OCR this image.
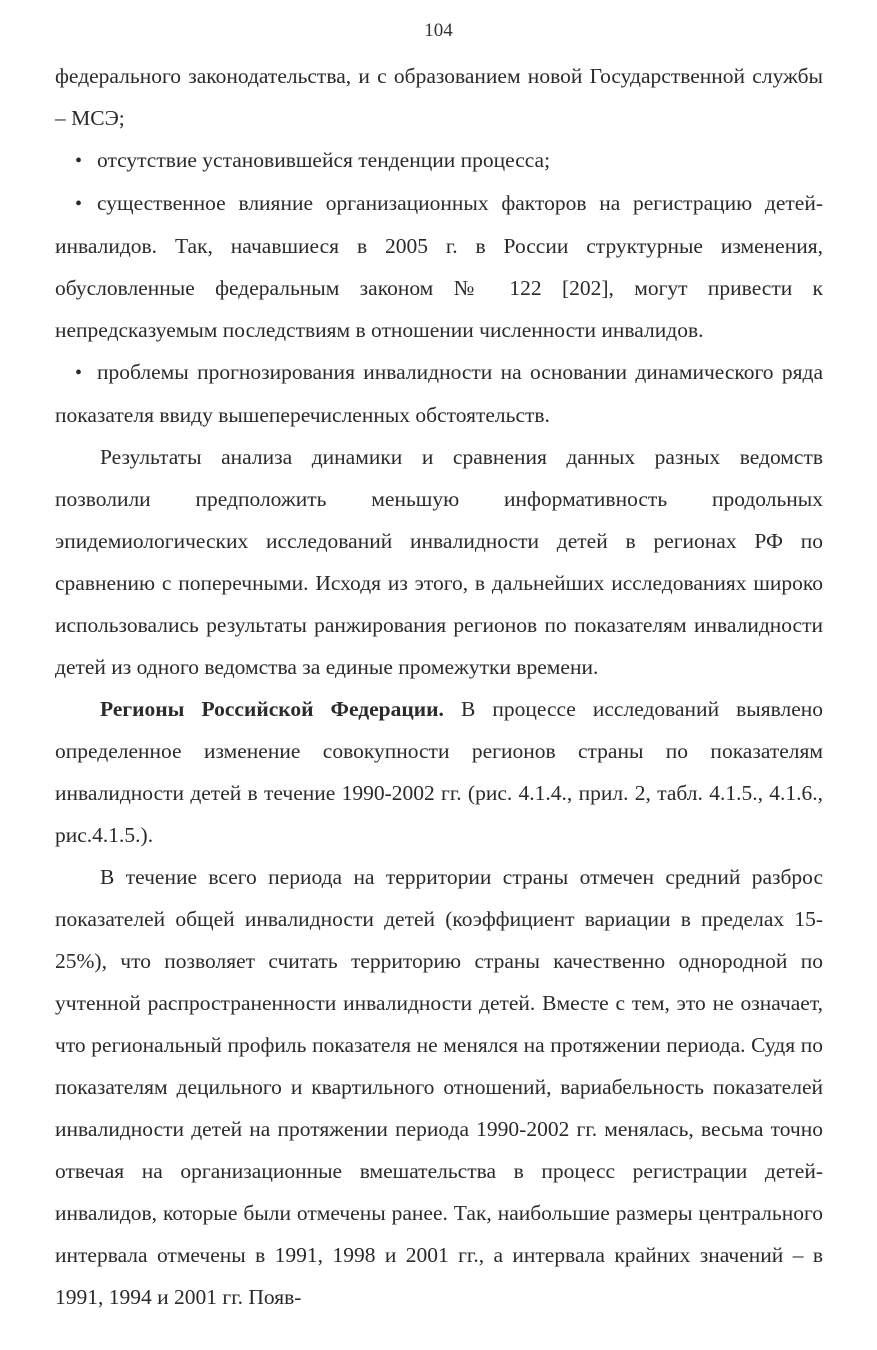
104

федерального законодательства, и с образованием новой Государственной службы – МСЭ;

• отсутствие установившейся тенденции процесса;

• существенное влияние организационных факторов на регистрацию детей-инвалидов. Так, начавшиеся в 2005 г. в России структурные изменения, обусловленные федеральным законом № 122 [202], могут привести к непредсказуемым последствиям в отношении численности инвалидов.

• проблемы прогнозирования инвалидности на основании динамического ряда показателя ввиду вышеперечисленных обстоятельств.

Результаты анализа динамики и сравнения данных разных ведомств позволили предположить меньшую информативность продольных эпидемиологических исследований инвалидности детей в регионах РФ по сравнению с поперечными. Исходя из этого, в дальнейших исследованиях широко использовались результаты ранжирования регионов по показателям инвалидности детей из одного ведомства за единые промежутки времени.

Регионы Российской Федерации. В процессе исследований выявлено определенное изменение совокупности регионов страны по показателям инвалидности детей в течение 1990-2002 гг. (рис. 4.1.4., прил. 2, табл. 4.1.5., 4.1.6., рис.4.1.5.).

В течение всего периода на территории страны отмечен средний разброс показателей общей инвалидности детей (коэффициент вариации в пределах 15-25%), что позволяет считать территорию страны качественно однородной по учтенной распространенности инвалидности детей. Вместе с тем, это не означает, что региональный профиль показателя не менялся на протяжении периода. Судя по показателям децильного и квартильного отношений, вариабельность показателей инвалидности детей на протяжении периода 1990-2002 гг. менялась, весьма точно отвечая на организационные вмешательства в процесс регистрации детей-инвалидов, которые были отмечены ранее. Так, наибольшие размеры центрального интервала отмечены в 1991, 1998 и 2001 гг., а интервала крайних значений – в 1991, 1994 и 2001 гг. Появ-
